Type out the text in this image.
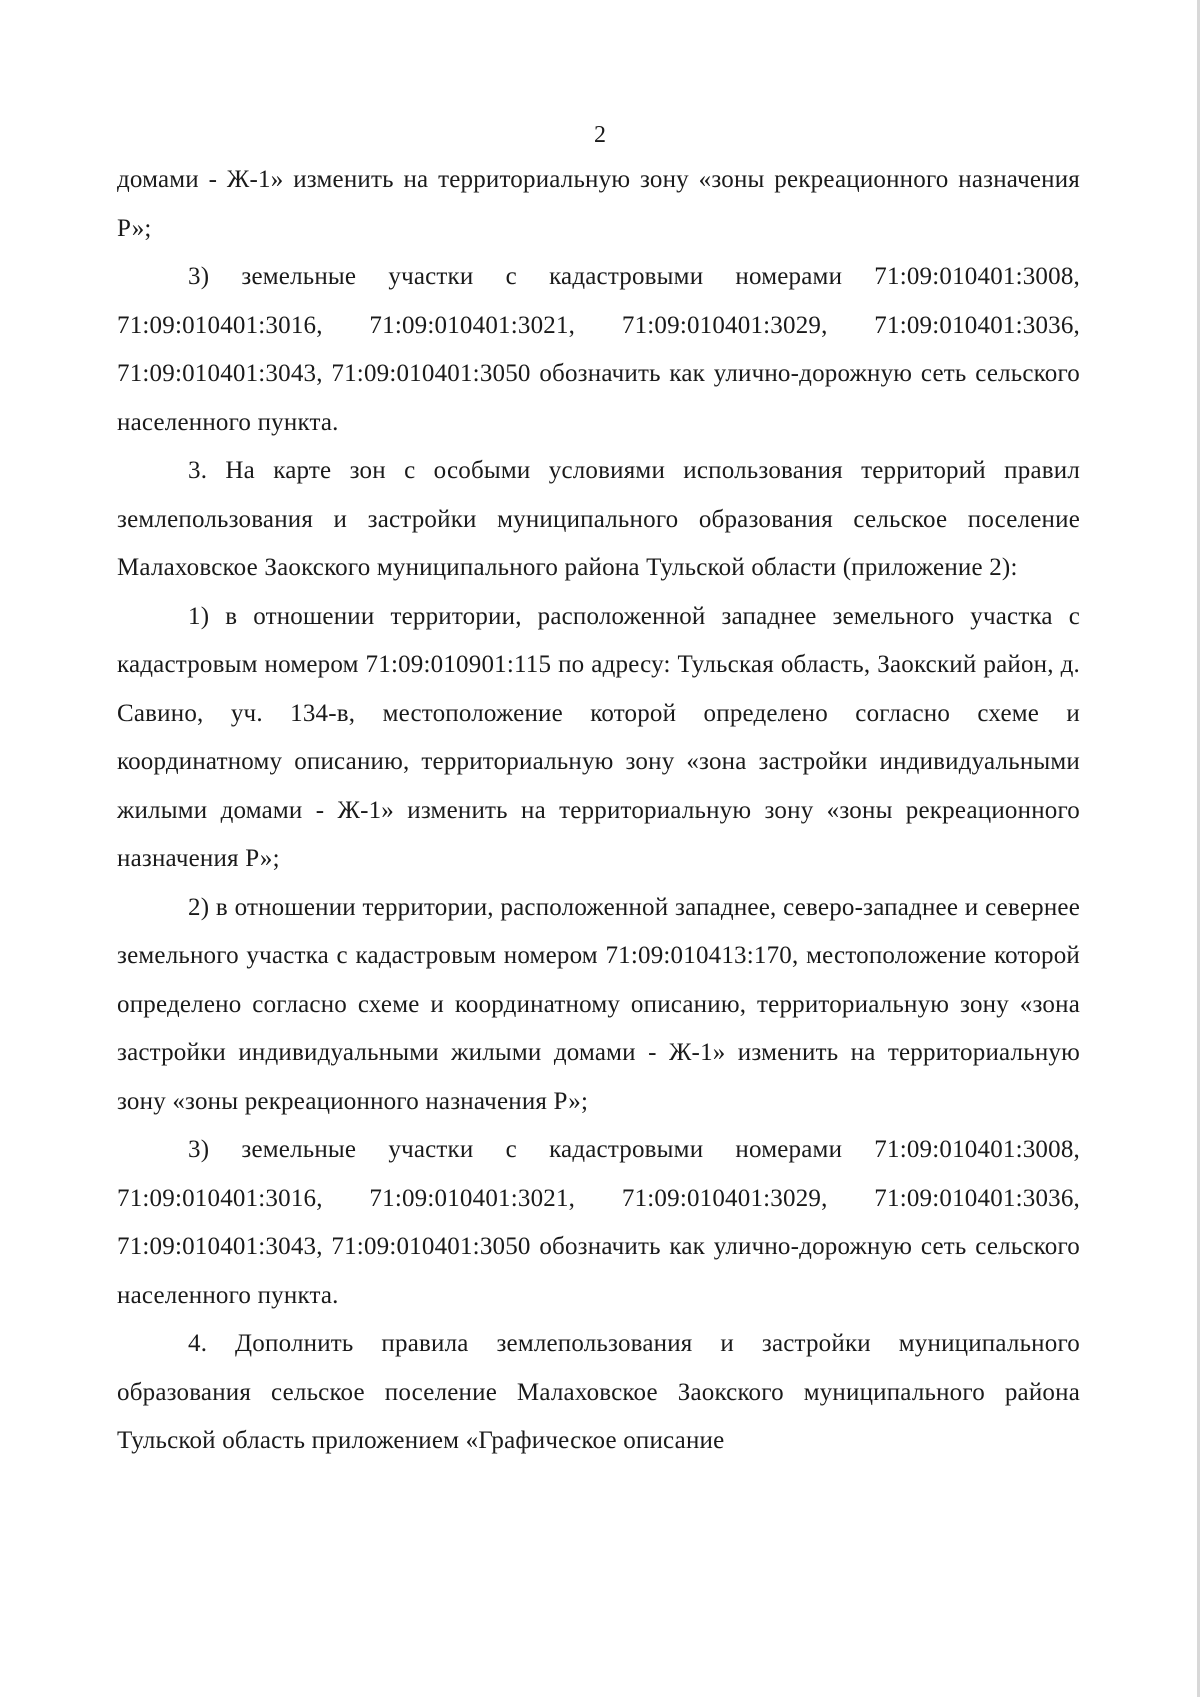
2

домами - Ж-1» изменить на территориальную зону «зоны рекреационного назначения Р»;

3) земельные участки с кадастровыми номерами 71:09:010401:3008, 71:09:010401:3016, 71:09:010401:3021, 71:09:010401:3029, 71:09:010401:3036, 71:09:010401:3043, 71:09:010401:3050 обозначить как улично-дорожную сеть сельского населенного пункта.

3. На карте зон с особыми условиями использования территорий правил землепользования и застройки муниципального образования сельское поселение Малаховское Заокского муниципального района Тульской области (приложение 2):

1) в отношении территории, расположенной западнее земельного участка с кадастровым номером 71:09:010901:115 по адресу: Тульская область, Заокский район, д. Савино, уч. 134-в, местоположение которой определено согласно схеме и координатному описанию, территориальную зону «зона застройки индивидуальными жилыми домами - Ж-1» изменить на территориальную зону «зоны рекреационного назначения Р»;

2) в отношении территории, расположенной западнее, северо-западнее и севернее земельного участка с кадастровым номером 71:09:010413:170, местоположение которой определено согласно схеме и координатному описанию, территориальную зону «зона застройки индивидуальными жилыми домами - Ж-1» изменить на территориальную зону «зоны рекреационного назначения Р»;

3) земельные участки с кадастровыми номерами 71:09:010401:3008, 71:09:010401:3016, 71:09:010401:3021, 71:09:010401:3029, 71:09:010401:3036, 71:09:010401:3043, 71:09:010401:3050 обозначить как улично-дорожную сеть сельского населенного пункта.

4. Дополнить правила землепользования и застройки муниципального образования сельское поселение Малаховское Заокского муниципального района Тульской область приложением «Графическое описание
